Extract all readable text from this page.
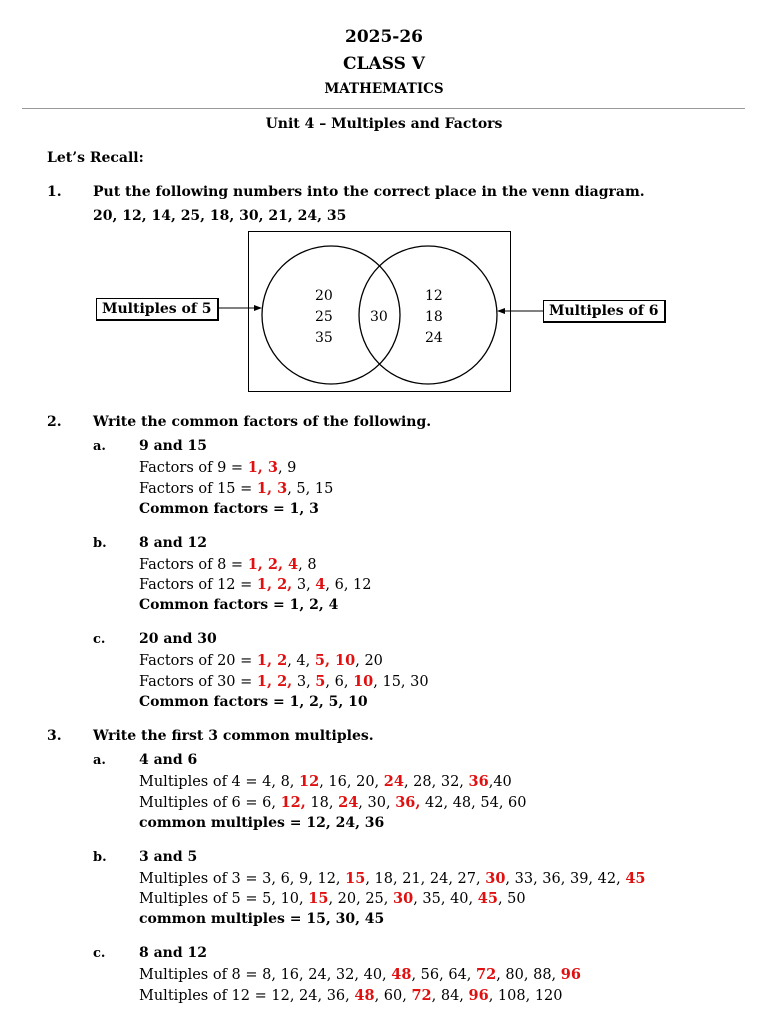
2025-26
CLASS V
MATHEMATICS
Unit 4 – Multiples and Factors
Let’s Recall:
1. Put the following numbers into the correct place in the venn diagram.
20, 12, 14, 25, 18, 30, 21, 24, 35
Multiples of 5	Multiples of 6
20
25
35
30
12
18
24
2. Write the common factors of the following.
a. 9 and 15
Factors of 9 = 1, 3, 9
Factors of 15 = 1, 3, 5, 15
Common factors = 1, 3
b. 8 and 12
Factors of 8 = 1, 2, 4, 8
Factors of 12 = 1, 2, 3, 4, 6, 12
Common factors = 1, 2, 4
c. 20 and 30
Factors of 20 = 1, 2, 4, 5, 10, 20
Factors of 30 = 1, 2, 3, 5, 6, 10, 15, 30
Common factors = 1, 2, 5, 10
3. Write the first 3 common multiples.
a. 4 and 6
Multiples of 4 = 4, 8, 12, 16, 20, 24, 28, 32, 36,40
Multiples of 6 = 6, 12, 18, 24, 30, 36, 42, 48, 54, 60
common multiples = 12, 24, 36
b. 3 and 5
Multiples of 3 = 3, 6, 9, 12, 15, 18, 21, 24, 27, 30, 33, 36, 39, 42, 45
Multiples of 5 = 5, 10, 15, 20, 25, 30, 35, 40, 45, 50
common multiples = 15, 30, 45
c. 8 and 12
Multiples of 8 = 8, 16, 24, 32, 40, 48, 56, 64, 72, 80, 88, 96
Multiples of 12 = 12, 24, 36, 48, 60, 72, 84, 96, 108, 120
